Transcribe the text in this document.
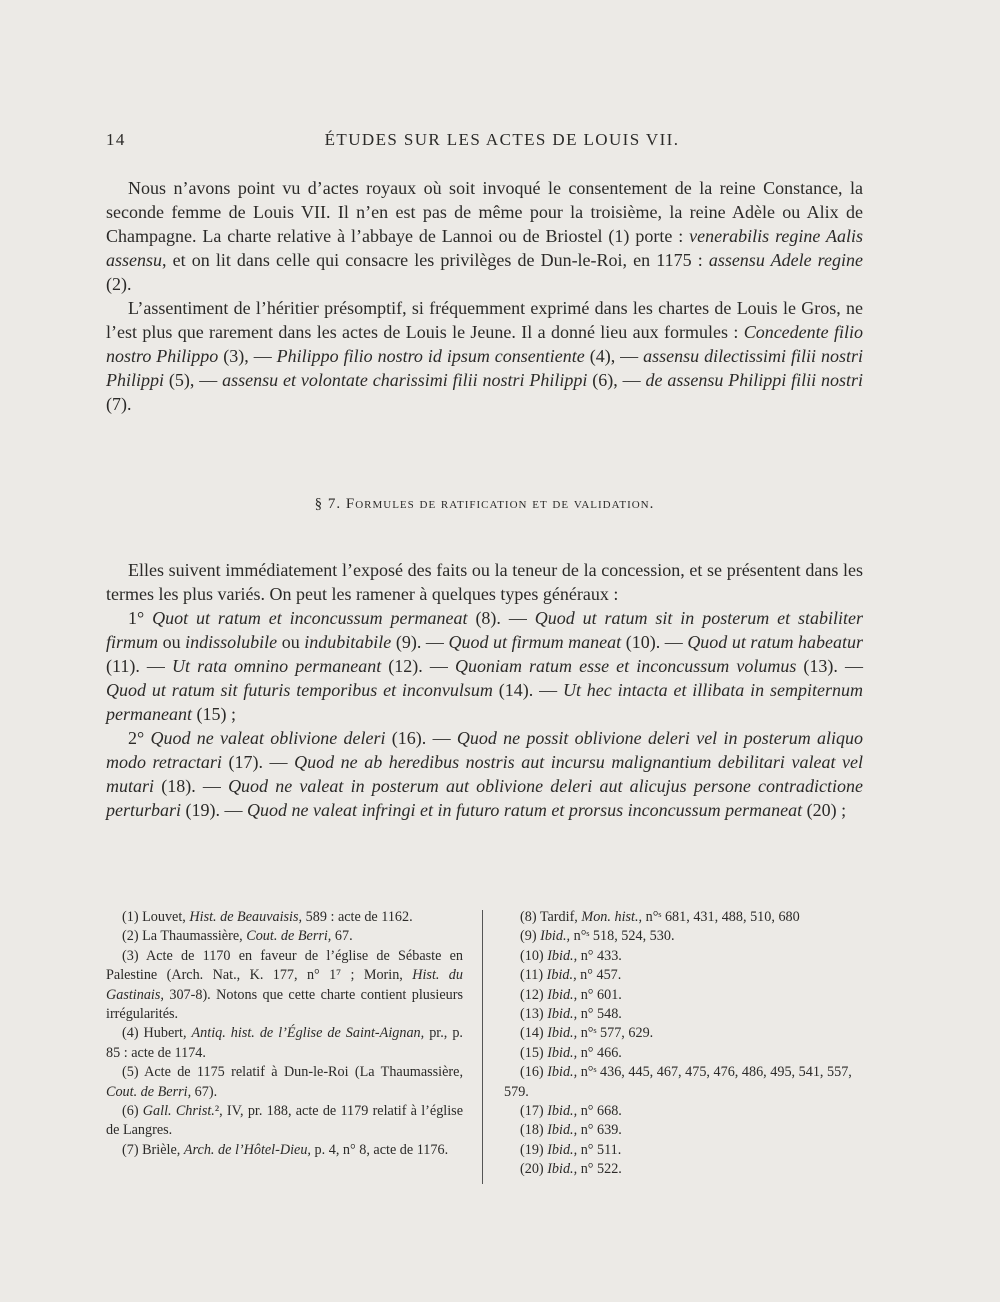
14	ÉTUDES SUR LES ACTES DE LOUIS VII.

Nous n’avons point vu d’actes royaux où soit invoqué le consentement de la reine Constance, la seconde femme de Louis VII. Il n’en est pas de même pour la troisième, la reine Adèle ou Alix de Champagne. La charte relative à l’abbaye de Lannoi ou de Briostel (1) porte : venerabilis regine Aalis assensu, et on lit dans celle qui consacre les privilèges de Dun-le-Roi, en 1175 : assensu Adele regine (2).

L’assentiment de l’héritier présomptif, si fréquemment exprimé dans les chartes de Louis le Gros, ne l’est plus que rarement dans les actes de Louis le Jeune. Il a donné lieu aux formules : Concedente filio nostro Philippo (3), — Philippo filio nostro id ipsum consentiente (4), — assensu dilectissimi filii nostri Philippi (5), — assensu et volontate charissimi filii nostri Philippi (6), — de assensu Philippi filii nostri (7).

§ 7. Formules de ratification et de validation.

Elles suivent immédiatement l’exposé des faits ou la teneur de la concession, et se présentent dans les termes les plus variés. On peut les ramener à quelques types généraux :

1° Quot ut ratum et inconcussum permaneat (8). — Quod ut ratum sit in posterum et stabiliter firmum ou indissolubile ou indubitabile (9). — Quod ut firmum maneat (10). — Quod ut ratum habeatur (11). — Ut rata omnino permaneant (12). — Quoniam ratum esse et inconcussum volumus (13). — Quod ut ratum sit futuris temporibus et inconvulsum (14). — Ut hec intacta et illibata in sempiternum permaneant (15) ;

2° Quod ne valeat oblivione deleri (16). — Quod ne possit oblivione deleri vel in posterum aliquo modo retractari (17). — Quod ne ab heredibus nostris aut incursu malignantium debilitari valeat vel mutari (18). — Quod ne valeat in posterum aut oblivione deleri aut alicujus persone contradictione perturbari (19). — Quod ne valeat infringi et in futuro ratum et prorsus inconcussum permaneat (20) ;

(1) Louvet, Hist. de Beauvaisis, 589 : acte de 1162.

(2) La Thaumassière, Cout. de Berri, 67.

(3) Acte de 1170 en faveur de l’église de Sébaste en Palestine (Arch. Nat., K. 177, n° 1⁷ ; Morin, Hist. du Gastinais, 307-8). Notons que cette charte contient plusieurs irrégularités.

(4) Hubert, Antiq. hist. de l’Église de Saint-Aignan, pr., p. 85 : acte de 1174.

(5) Acte de 1175 relatif à Dun-le-Roi (La Thaumassière, Cout. de Berri, 67).

(6) Gall. Christ.², IV, pr. 188, acte de 1179 relatif à l’église de Langres.

(7) Brièle, Arch. de l’Hôtel-Dieu, p. 4, n° 8, acte de 1176.

(8) Tardif, Mon. hist., n°ˢ 681, 431, 488, 510, 680

(9) Ibid., n°ˢ 518, 524, 530.

(10) Ibid., n° 433.

(11) Ibid., n° 457.

(12) Ibid., n° 601.

(13) Ibid., n° 548.

(14) Ibid., n°ˢ 577, 629.

(15) Ibid., n° 466.

(16) Ibid., n°ˢ 436, 445, 467, 475, 476, 486, 495, 541, 557, 579.

(17) Ibid., n° 668.

(18) Ibid., n° 639.

(19) Ibid., n° 511.

(20) Ibid., n° 522.
